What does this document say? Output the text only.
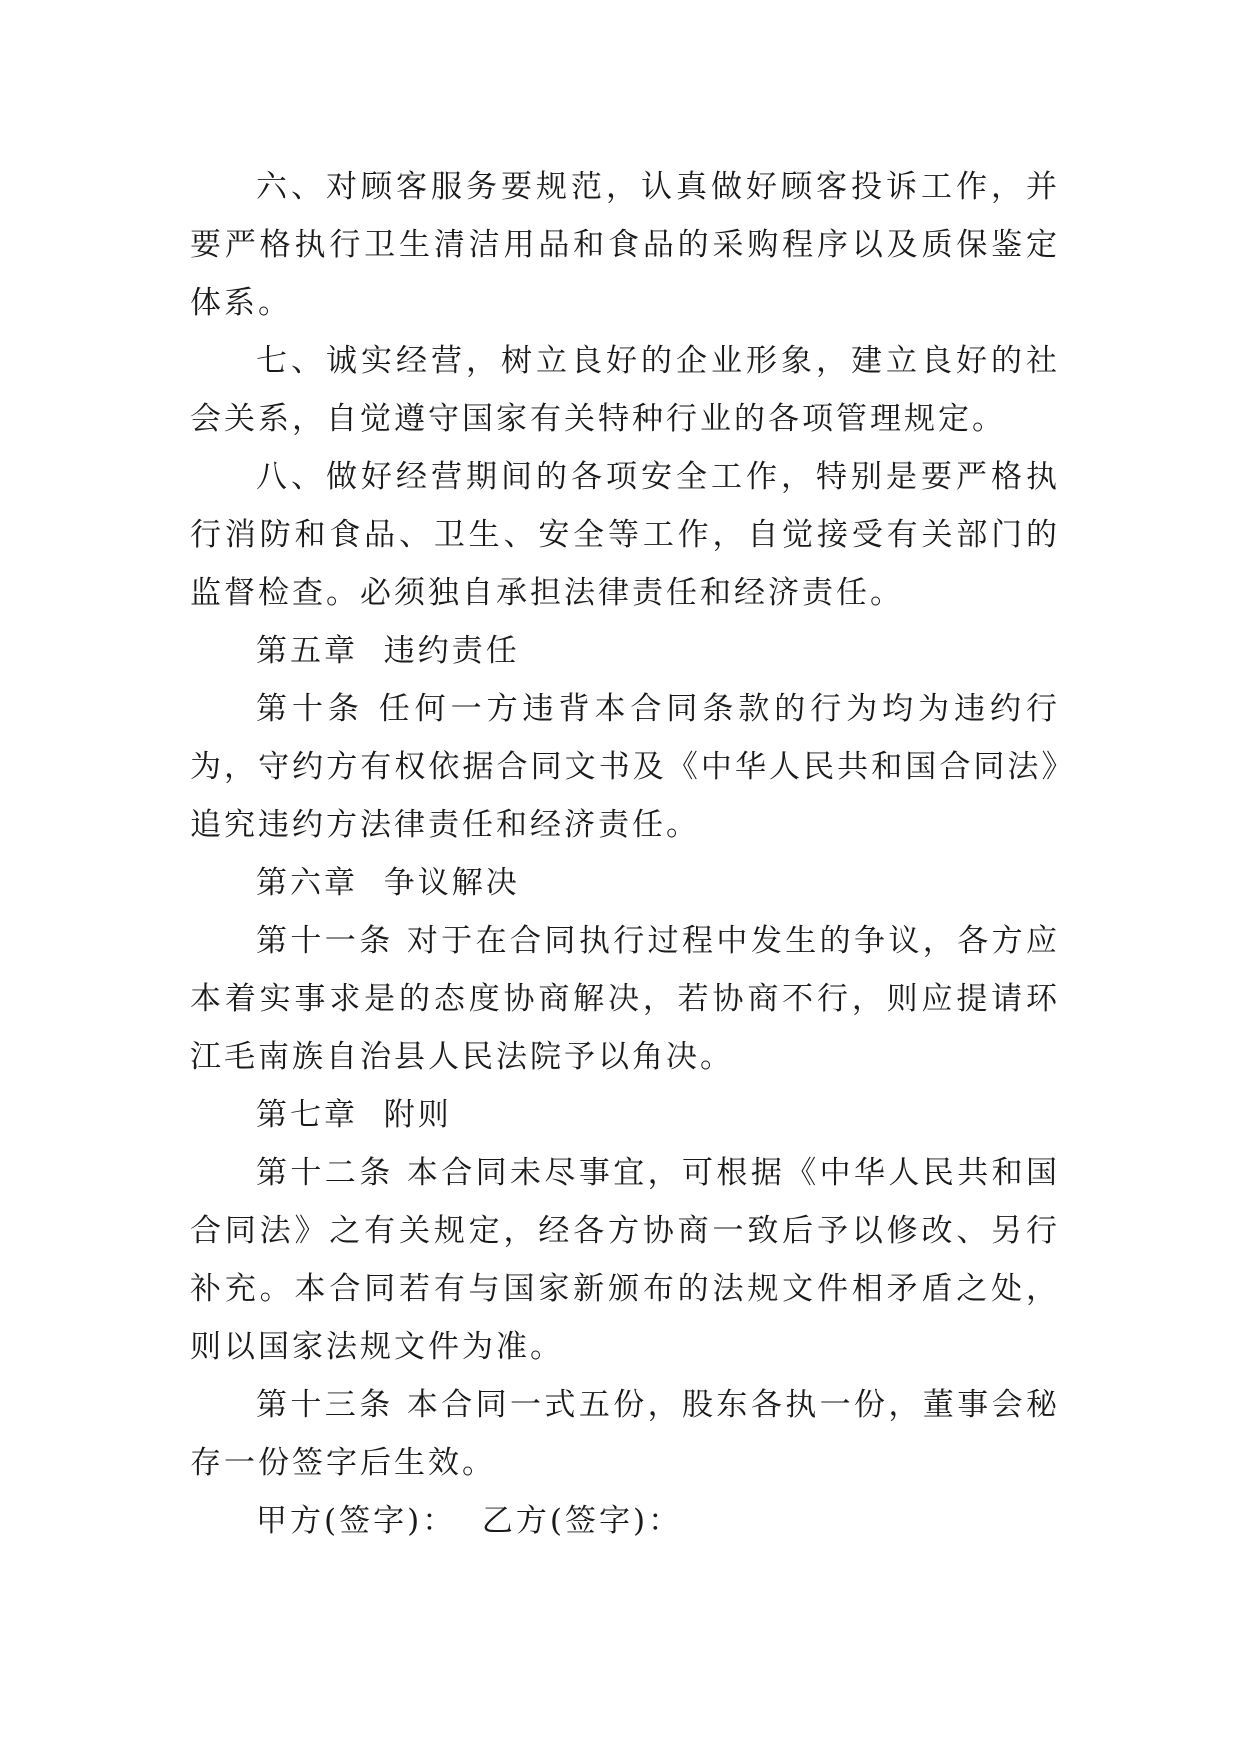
六、对顾客服务要规范，认真做好顾客投诉工作，并要严格执行卫生清洁用品和食品的采购程序以及质保鉴定体系。

七、诚实经营，树立良好的企业形象，建立良好的社会关系，自觉遵守国家有关特种行业的各项管理规定。

八、做好经营期间的各项安全工作，特别是要严格执行消防和食品、卫生、安全等工作，自觉接受有关部门的监督检查。必须独自承担法律责任和经济责任。

第五章  违约责任

第十条 任何一方违背本合同条款的行为均为违约行为，守约方有权依据合同文书及《中华人民共和国合同法》追究违约方法律责任和经济责任。

第六章  争议解决

第十一条 对于在合同执行过程中发生的争议，各方应本着实事求是的态度协商解决，若协商不行，则应提请环江毛南族自治县人民法院予以角决。

第七章  附则

第十二条 本合同未尽事宜，可根据《中华人民共和国合同法》之有关规定，经各方协商一致后予以修改、另行补充。本合同若有与国家新颁布的法规文件相矛盾之处，则以国家法规文件为准。

第十三条 本合同一式五份，股东各执一份，董事会秘存一份签字后生效。

甲方(签字)：  乙方(签字)：
